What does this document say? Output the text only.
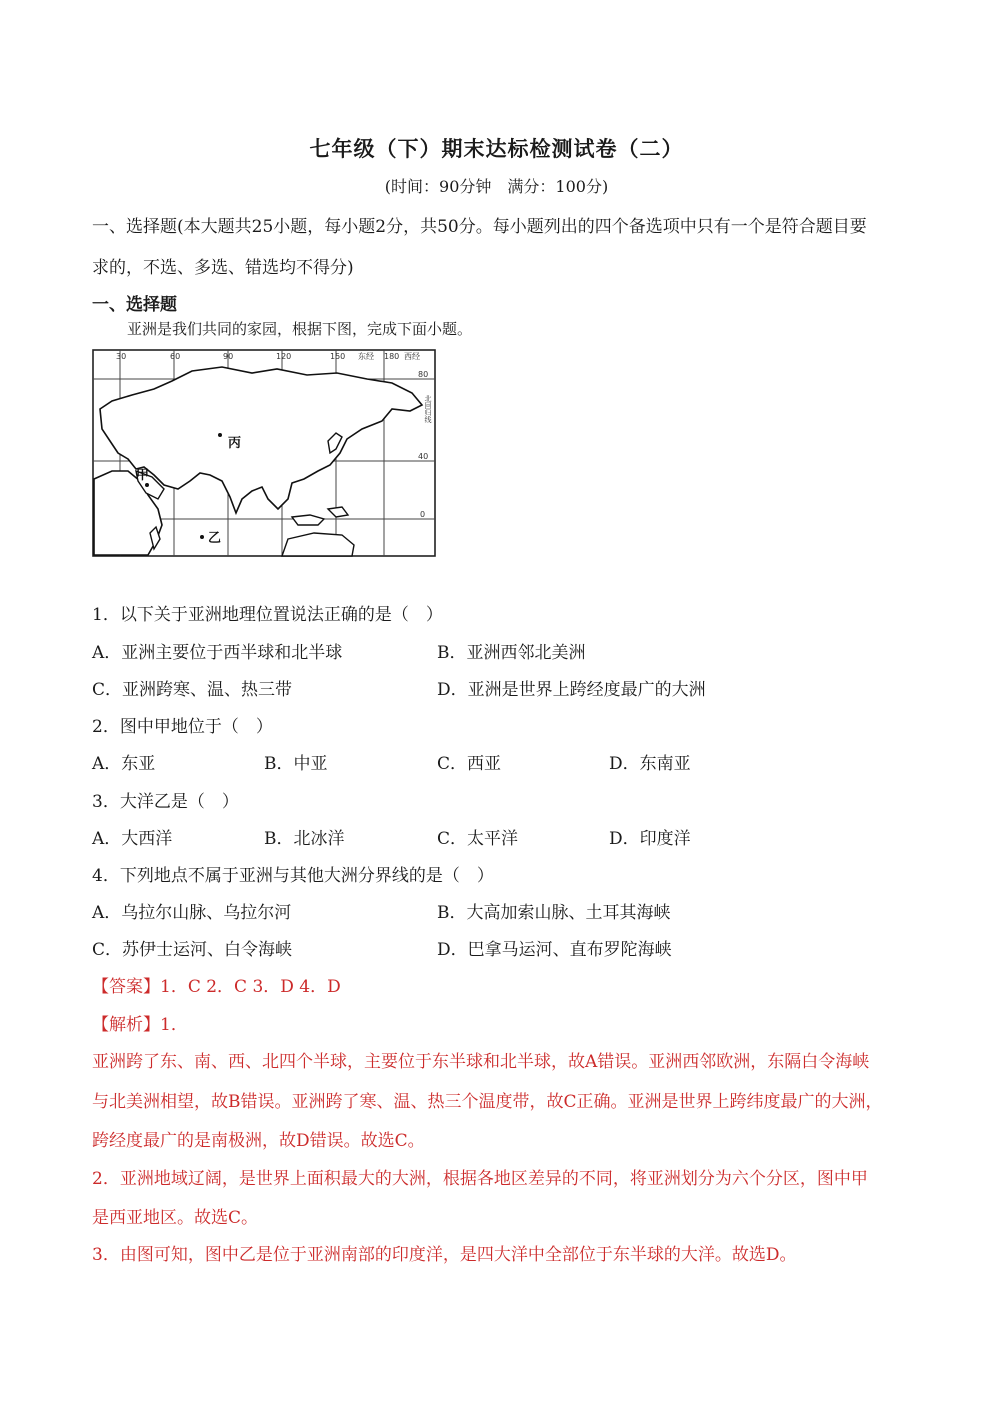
七年级（下）期末达标检测试卷（二）
(时间：90分钟　满分：100分)
一、选择题(本大题共25小题，每小题2分，共50分。每小题列出的四个备选项中只有一个是符合题目要
求的，不选、多选、错选均不得分)
一、选择题
亚洲是我们共同的家园，根据下图，完成下面小题。
30	60	90	120	150 东经 180 西经
80
40
0
北回归线
丙
甲
乙
1．以下关于亚洲地理位置说法正确的是（　）
A．亚洲主要位于西半球和北半球	B．亚洲西邻北美洲
C．亚洲跨寒、温、热三带	D．亚洲是世界上跨经度最广的大洲
2．图中甲地位于（　）
A．东亚	B．中亚	C．西亚	D．东南亚
3．大洋乙是（　）
A．大西洋	B．北冰洋	C．太平洋	D．印度洋
4．下列地点不属于亚洲与其他大洲分界线的是（　）
A．乌拉尔山脉、乌拉尔河	B．大高加索山脉、土耳其海峡
C．苏伊士运河、白令海峡	D．巴拿马运河、直布罗陀海峡
【答案】1．C 2．C 3．D 4．D
【解析】1．
亚洲跨了东、南、西、北四个半球，主要位于东半球和北半球，故A错误。亚洲西邻欧洲，东隔白令海峡
与北美洲相望，故B错误。亚洲跨了寒、温、热三个温度带，故C正确。亚洲是世界上跨纬度最广的大洲，
跨经度最广的是南极洲，故D错误。故选C。
2．亚洲地域辽阔，是世界上面积最大的大洲，根据各地区差异的不同，将亚洲划分为六个分区，图中甲
是西亚地区。故选C。
3．由图可知，图中乙是位于亚洲南部的印度洋，是四大洋中全部位于东半球的大洋。故选D。
